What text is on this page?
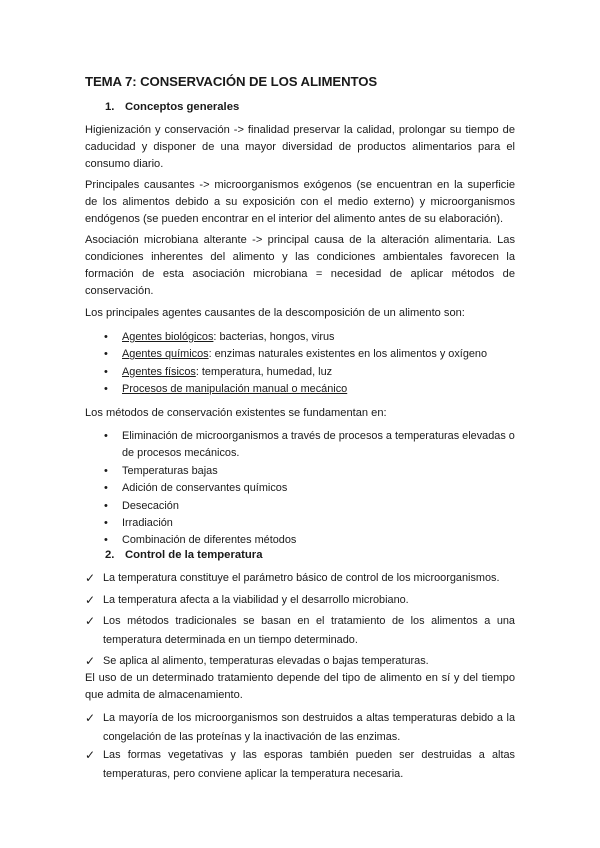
TEMA 7: CONSERVACIÓN DE LOS ALIMENTOS
1. Conceptos generales

Higienización y conservación -> finalidad preservar la calidad, prolongar su tiempo de caducidad y disponer de una mayor diversidad de productos alimentarios para el consumo diario.

Principales causantes -> microorganismos exógenos (se encuentran en la superficie de los alimentos debido a su exposición con el medio externo) y microorganismos endógenos (se pueden encontrar en el interior del alimento antes de su elaboración).

Asociación microbiana alterante -> principal causa de la alteración alimentaria. Las condiciones inherentes del alimento y las condiciones ambientales favorecen la formación de esta asociación microbiana = necesidad de aplicar métodos de conservación.

Los principales agentes causantes de la descomposición de un alimento son:

• Agentes biológicos: bacterias, hongos, virus
• Agentes químicos: enzimas naturales existentes en los alimentos y oxígeno
• Agentes físicos: temperatura, humedad, luz
• Procesos de manipulación manual o mecánico

Los métodos de conservación existentes se fundamentan en:

• Eliminación de microorganismos a través de procesos a temperaturas elevadas o de procesos mecánicos.
• Temperaturas bajas
• Adición de conservantes químicos
• Desecación
• Irradiación
• Combinación de diferentes métodos
2. Control de la temperatura
✓ La temperatura constituye el parámetro básico de control de los microorganismos.
✓ La temperatura afecta a la viabilidad y el desarrollo microbiano.
✓ Los métodos tradicionales se basan en el tratamiento de los alimentos a una temperatura determinada en un tiempo determinado.
✓ Se aplica al alimento, temperaturas elevadas o bajas temperaturas.

El uso de un determinado tratamiento depende del tipo de alimento en sí y del tiempo que admita de almacenamiento.

✓ La mayoría de los microorganismos son destruidos a altas temperaturas debido a la congelación de las proteínas y la inactivación de las enzimas.
✓ Las formas vegetativas y las esporas también pueden ser destruidas a altas temperaturas, pero conviene aplicar la temperatura necesaria.
